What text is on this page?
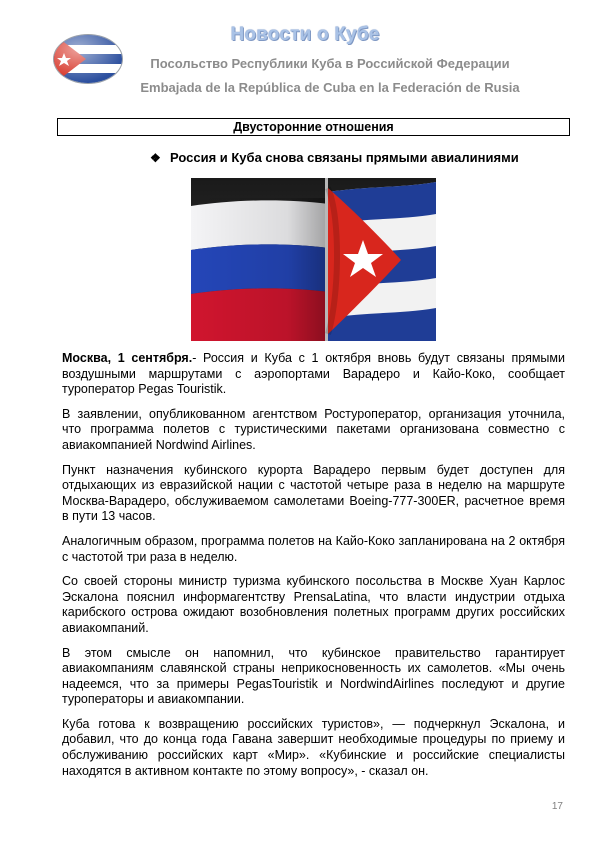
Новости о Кубе
Посольство Республики Куба в Российской Федерации
Embajada de la República de Cuba en la Federación de Rusia
Двусторонние отношения
❖ Россия и Куба снова связаны прямыми авиалиниями

Москва, 1 сентября.- Россия и Куба с 1 октября вновь будут связаны прямыми воздушными маршрутами с аэропортами Варадеро и Кайо-Коко, сообщает туроператор Pegas Touristik.

В заявлении, опубликованном агентством Ростуроператор, организация уточнила, что программа полетов с туристическими пакетами организована совместно с авиакомпанией Nordwind Airlines.

Пункт назначения кубинского курорта Варадеро первым будет доступен для отдыхающих из евразийской нации с частотой четыре раза в неделю на маршруте Москва-Варадеро, обслуживаемом самолетами Boeing-777-300ER, расчетное время в пути 13 часов.

Аналогичным образом, программа полетов на Кайо-Коко запланирована на 2 октября с частотой три раза в неделю.

Со своей стороны министр туризма кубинского посольства в Москве Хуан Карлос Эскалона пояснил информагентству PrensaLatina, что власти индустрии отдыха карибского острова ожидают возобновления полетных программ других российских авиакомпаний.

В этом смысле он напомнил, что кубинское правительство гарантирует авиакомпаниям славянской страны неприкосновенность их самолетов. «Мы очень надеемся, что за примеры PegasTouristik и NordwindAirlines последуют и другие туроператоры и авиакомпании.

Куба готова к возвращению российских туристов», — подчеркнул Эскалона, и добавил, что до конца года Гавана завершит необходимые процедуры по приему и обслуживанию российских карт «Мир». «Кубинские и российские специалисты находятся в активном контакте по этому вопросу», - сказал он.

17
